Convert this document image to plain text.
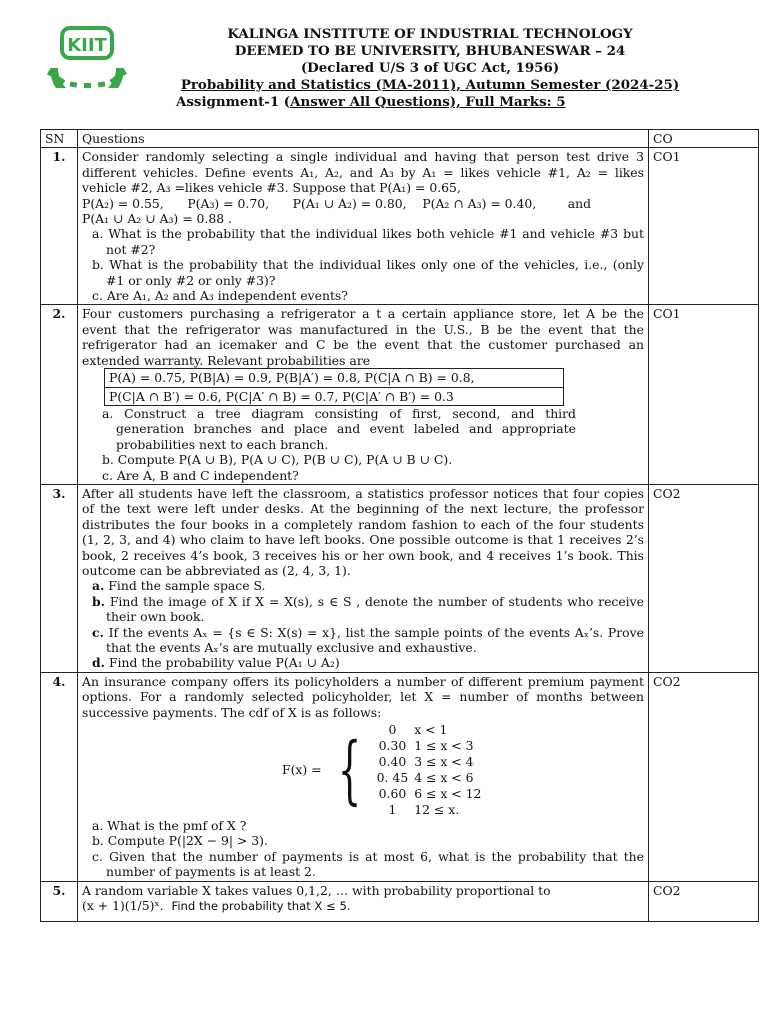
KIIT
KALINGA INSTITUTE OF INDUSTRIAL TECHNOLOGY
DEEMED TO BE UNIVERSITY, BHUBANESWAR – 24
(Declared U/S 3 of UGC Act, 1956)
Probability and Statistics (MA-2011), Autumn Semester (2024-25)
Assignment-1 (Answer All Questions), Full Marks: 5
SN	Questions	CO
1.	Consider randomly selecting a single individual and having that person test drive 3 different vehicles. Define events A₁, A₂, and A₃ by A₁ = likes vehicle #1, A₂ = likes vehicle #2, A₃ =likes vehicle #3. Suppose that P(A₁) = 0.65,
P(A₂) = 0.55,      P(A₃) = 0.70,      P(A₁ ∪ A₂) = 0.80,    P(A₂ ∩ A₃) = 0.40,        and
P(A₁ ∪ A₂ ∪ A₃) = 0.88 .
a. What is the probability that the individual likes both vehicle #1 and vehicle #3 but not #2?
b. What is the probability that the individual likes only one of the vehicles, i.e., (only #1 or only #2 or only #3)?
c. Are A₁, A₂ and A₃ independent events?
	CO1
2.	Four customers purchasing a refrigerator a t a certain appliance store, let A be the event that the refrigerator was manufactured in the U.S., B be the event that the refrigerator had an icemaker and C be the event that the customer purchased an extended warranty. Relevant probabilities are
P(A) = 0.75, P(B|A) = 0.9, P(B|A′) = 0.8, P(C|A ∩ B) = 0.8,
P(C|A ∩ B′) = 0.6, P(C|A′ ∩ B) = 0.7, P(C|A′ ∩ B′) = 0.3
a. Construct a tree diagram consisting of first, second, and third generation branches and place and event labeled and appropriate probabilities next to each branch.
b. Compute P(A ∪ B), P(A ∪ C), P(B ∪ C), P(A ∪ B ∪ C).
c. Are A, B and C independent?
	CO1
3.	After all students have left the classroom, a statistics professor notices that four copies of the text were left under desks. At the beginning of the next lecture, the professor distributes the four books in a completely random fashion to each of the four students (1, 2, 3, and 4) who claim to have left books. One possible outcome is that 1 receives 2’s book, 2 receives 4’s book, 3 receives his or her own book, and 4 receives 1’s book. This outcome can be abbreviated as (2, 4, 3, 1).
a. Find the sample space S.
b. Find the image of X if X = X(s), s ∈ S , denote the number of students who receive their own book.
c. If the events Aₓ = {s ∈ S: X(s) = x}, list the sample points of the events Aₓ’s. Prove that the events Aₓ’s are mutually exclusive and exhaustive.
d. Find the probability value P(A₁ ∪ A₂)
	CO2
4.	An insurance company offers its policyholders a number of different premium payment options. For a randomly selected policyholder, let X = number of months between successive payments. The cdf of X is as follows:
F(x) = { 0	x < 1
0.30	1 ≤ x < 3
0.40	3 ≤ x < 4
0. 45	4 ≤ x < 6
0.60	6 ≤ x < 12
1	12 ≤ x.
a. What is the pmf of X ?
b. Compute P(|2X − 9| > 3).
c. Given that the number of payments is at most 6, what is the probability that the number of payments is at least 2.
	CO2
5.	A random variable X takes values 0,1,2, … with probability proportional to
(x + 1)(1/5)ˣ. Find the probability that X ≤ 5.
	CO2
